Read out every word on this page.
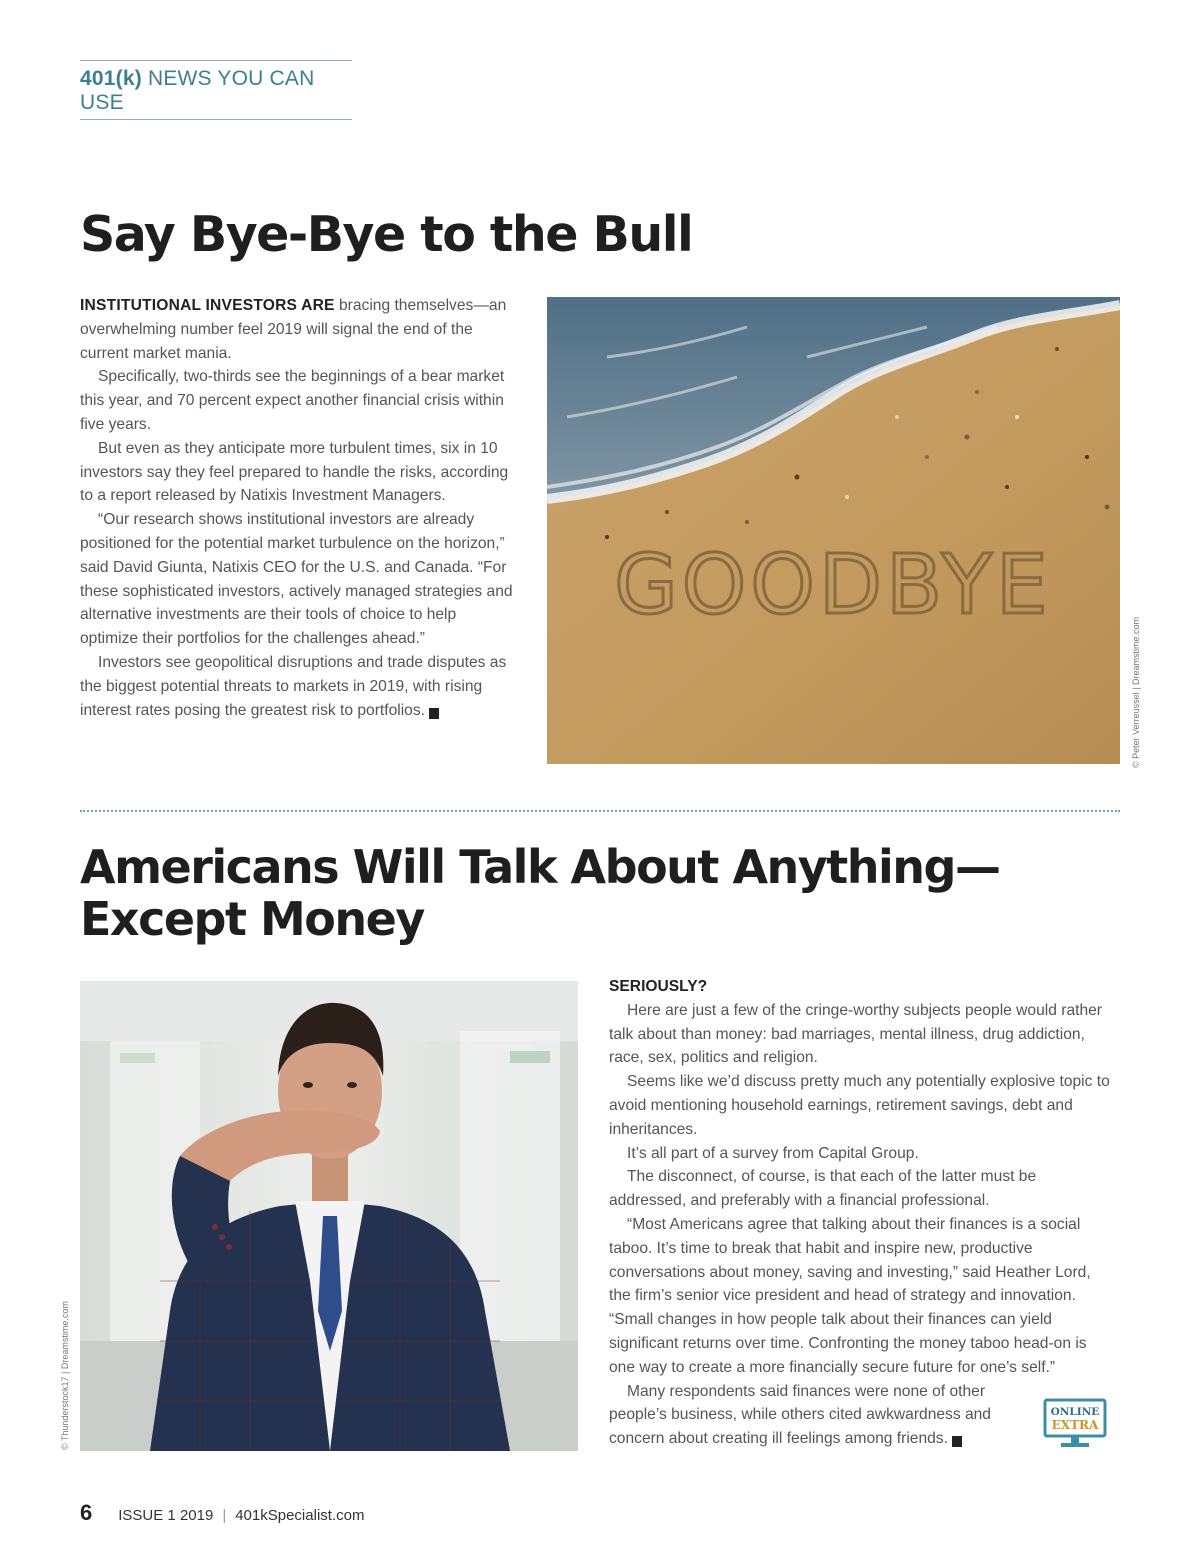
401(k) NEWS YOU CAN USE
Say Bye-Bye to the Bull

INSTITUTIONAL INVESTORS ARE bracing themselves—an overwhelming number feel 2019 will signal the end of the current market mania.

Specifically, two-thirds see the beginnings of a bear market this year, and 70 percent expect another financial crisis within five years.

But even as they anticipate more turbulent times, six in 10 investors say they feel prepared to handle the risks, according to a report released by Natixis Investment Managers.

“Our research shows institutional investors are already positioned for the potential market turbulence on the horizon,” said David Giunta, Natixis CEO for the U.S. and Canada. “For these sophisticated investors, actively managed strategies and alternative investments are their tools of choice to help optimize their portfolios for the challenges ahead.”

Investors see geopolitical disruptions and trade disputes as the biggest potential threats to markets in 2019, with rising interest rates posing the greatest risk to portfolios. K

GOODBYE
© Peter Verreussel | Dreamstime.com
Americans Will Talk About Anything—
Except Money
© Thunderstock17 | Dreamstime.com

SERIOUSLY?

Here are just a few of the cringe-worthy subjects people would rather talk about than money: bad marriages, mental illness, drug addiction, race, sex, politics and religion.

Seems like we’d discuss pretty much any potentially explosive topic to avoid mentioning household earnings, retirement savings, debt and inheritances.

It’s all part of a survey from Capital Group.

The disconnect, of course, is that each of the latter must be addressed, and preferably with a financial professional.

“Most Americans agree that talking about their finances is a social taboo. It’s time to break that habit and inspire new, productive conversations about money, saving and investing,” said Heather Lord, the firm’s senior vice president and head of strategy and innovation. “Small changes in how people talk about their finances can yield significant returns over time. Confronting the money taboo head-on is one way to create a more financially secure future for one’s self.”

Many respondents said finances were none of other people’s business, while others cited awkwardness and concern about creating ill feelings among friends. K

ONLINE
EXTRA
6 ISSUE 1 2019 | 401kSpecialist.com
